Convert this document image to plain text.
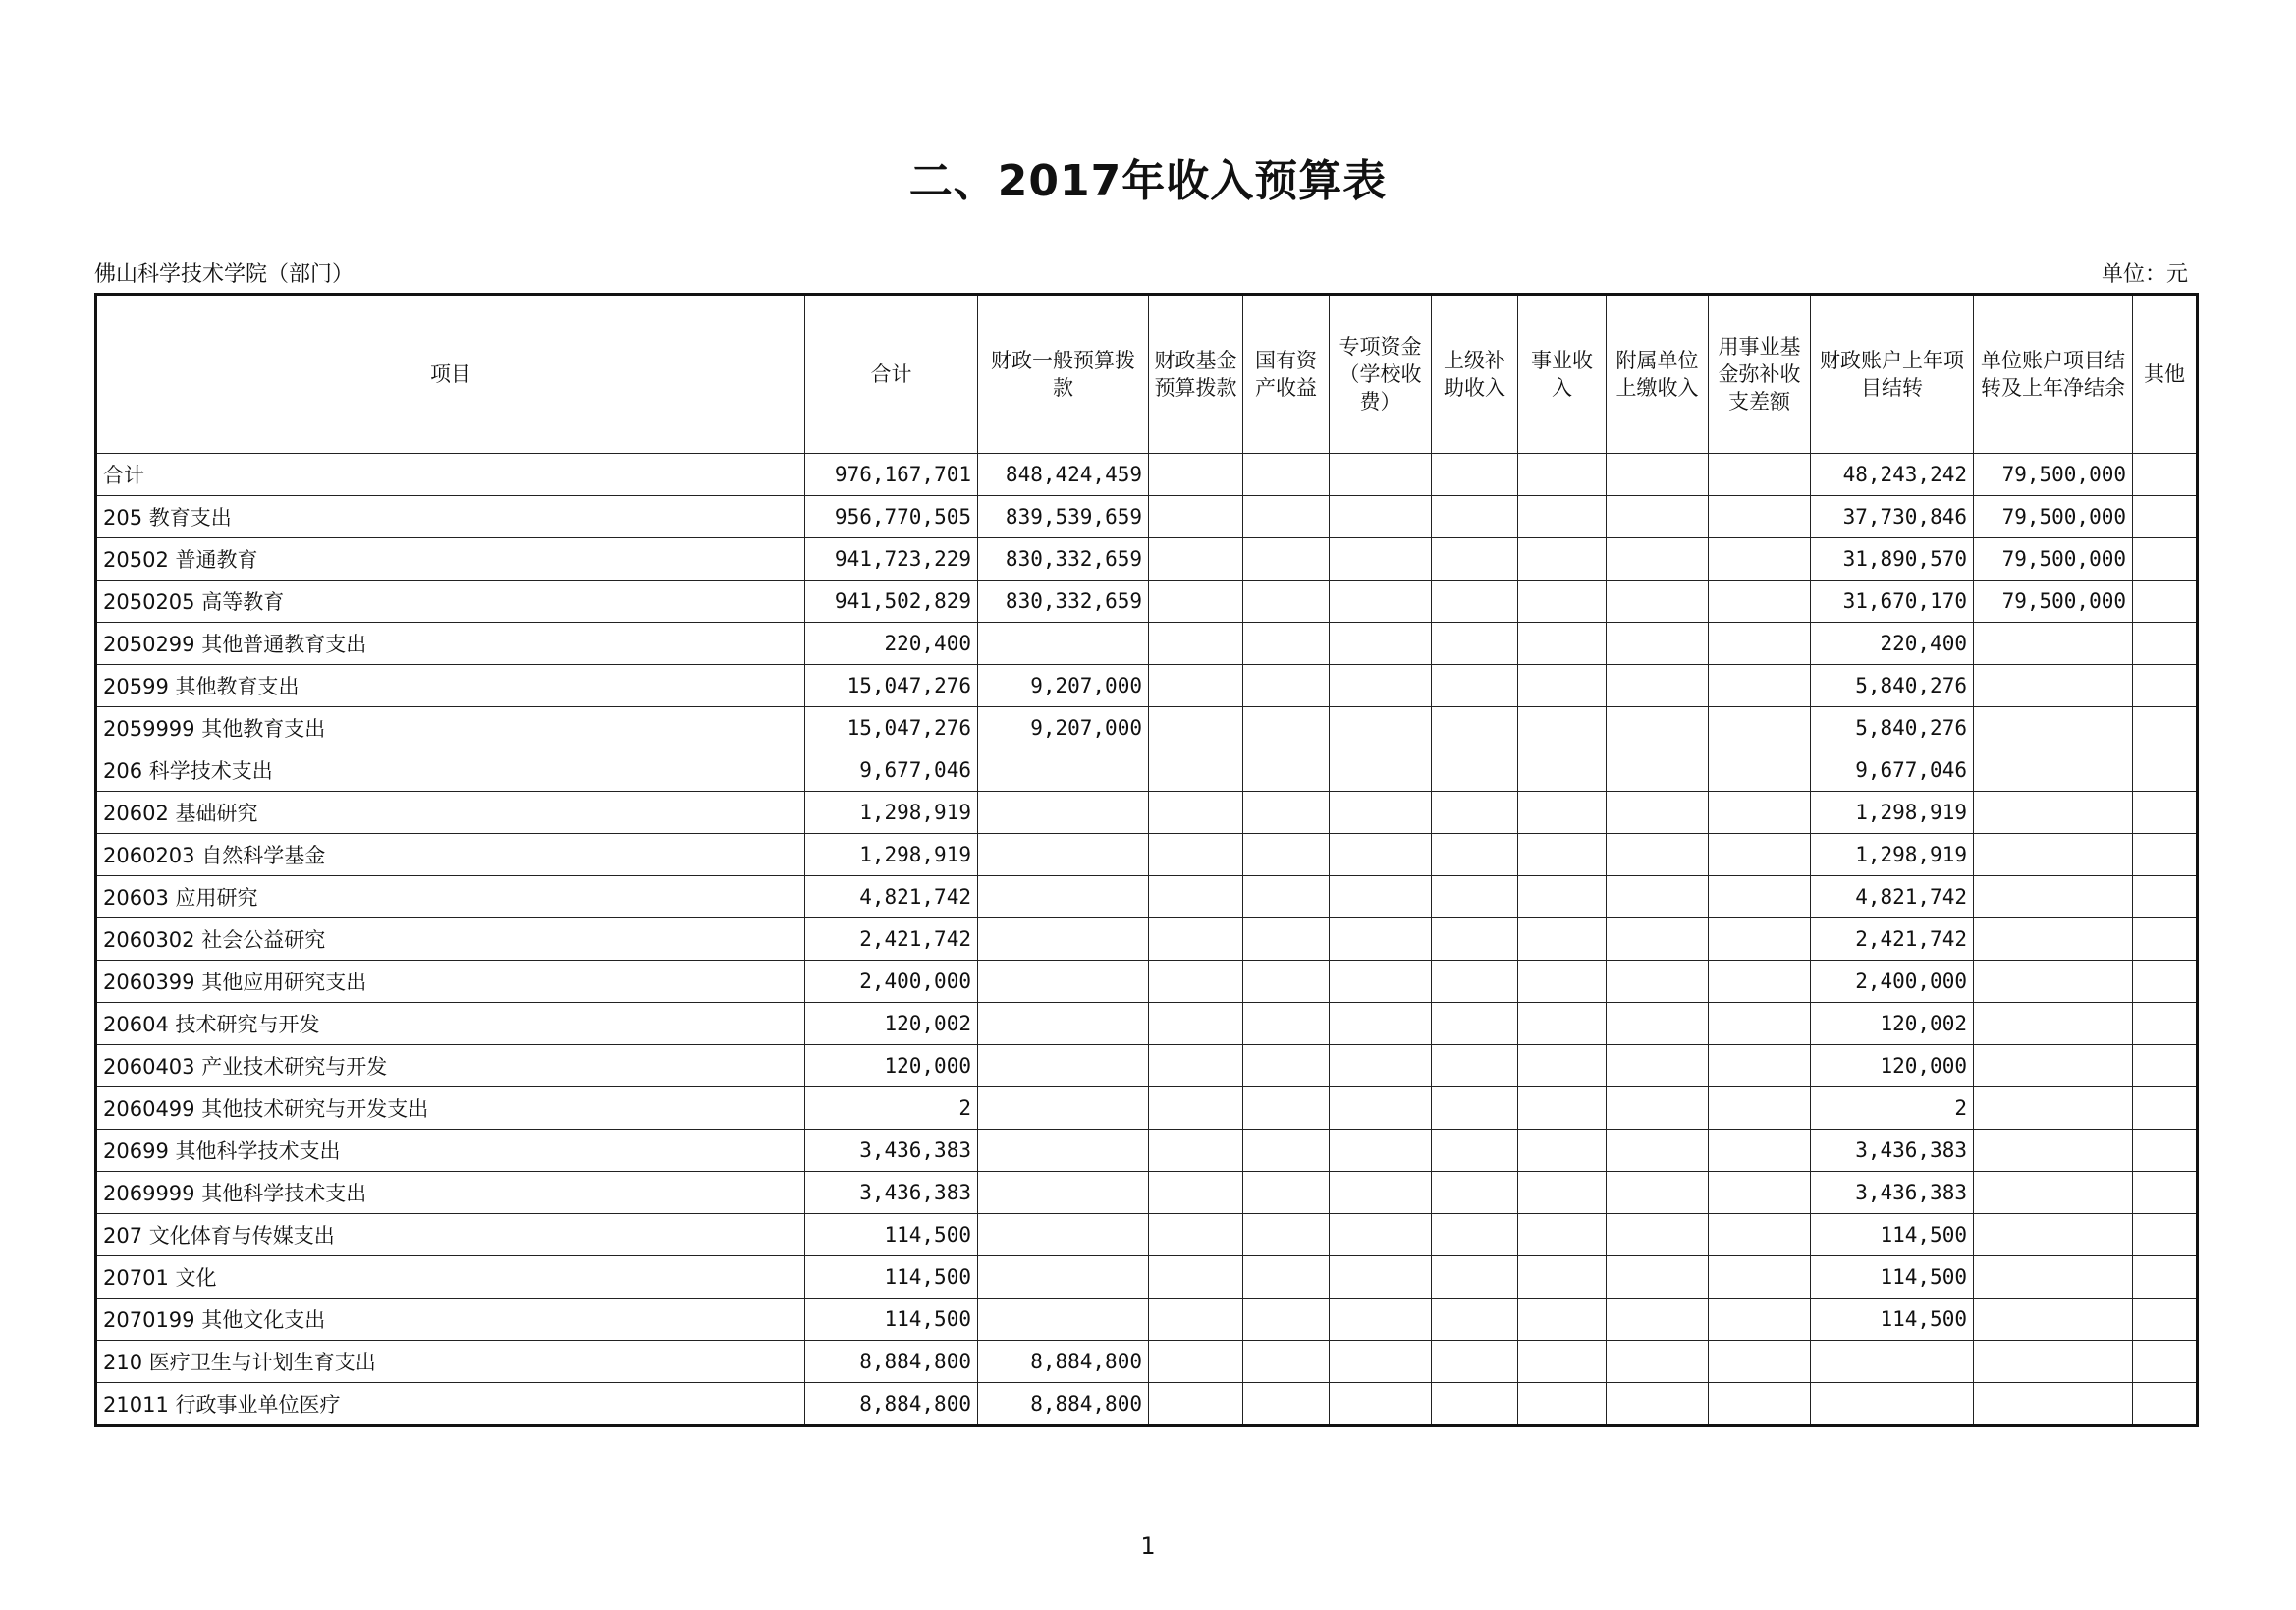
二、2017年收入预算表
佛山科学技术学院（部门）	单位：元
项目	合计	财政一般预算拨款	财政基金预算拨款	国有资产收益	专项资金（学校收费）	上级补助收入	事业收入	附属单位上缴收入	用事业基金弥补收支差额	财政账户上年项目结转	单位账户项目结转及上年净结余	其他
合计	976,167,701	848,424,459								48,243,242	79,500,000	
205 教育支出	956,770,505	839,539,659								37,730,846	79,500,000	
20502 普通教育	941,723,229	830,332,659								31,890,570	79,500,000	
2050205 高等教育	941,502,829	830,332,659								31,670,170	79,500,000	
2050299 其他普通教育支出	220,400									220,400		
20599 其他教育支出	15,047,276	9,207,000								5,840,276		
2059999 其他教育支出	15,047,276	9,207,000								5,840,276		
206 科学技术支出	9,677,046									9,677,046		
20602 基础研究	1,298,919									1,298,919		
2060203 自然科学基金	1,298,919									1,298,919		
20603 应用研究	4,821,742									4,821,742		
2060302 社会公益研究	2,421,742									2,421,742		
2060399 其他应用研究支出	2,400,000									2,400,000		
20604 技术研究与开发	120,002									120,002		
2060403 产业技术研究与开发	120,000									120,000		
2060499 其他技术研究与开发支出	2									2		
20699 其他科学技术支出	3,436,383									3,436,383		
2069999 其他科学技术支出	3,436,383									3,436,383		
207 文化体育与传媒支出	114,500									114,500		
20701 文化	114,500									114,500		
2070199 其他文化支出	114,500									114,500		
210 医疗卫生与计划生育支出	8,884,800	8,884,800										
21011 行政事业单位医疗	8,884,800	8,884,800										
1
